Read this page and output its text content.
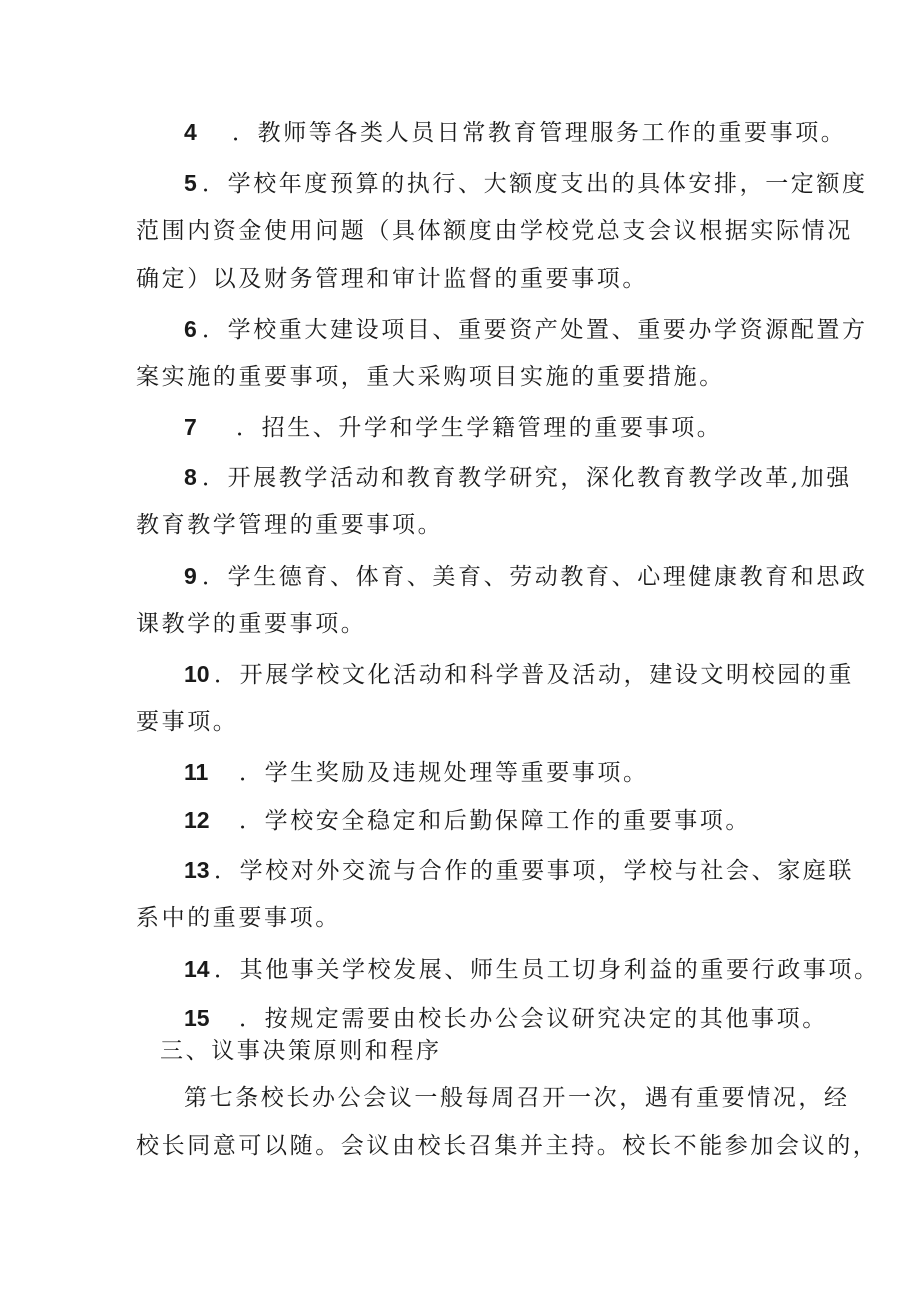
4 ．教师等各类人员日常教育管理服务工作的重要事项。
5 ．学校年度预算的执行、大额度支出的具体安排，一定额度
范围内资金使用问题（具体额度由学校党总支会议根据实际情况
确定）以及财务管理和审计监督的重要事项。
6 ．学校重大建设项目、重要资产处置、重要办学资源配置方
案实施的重要事项，重大采购项目实施的重要措施。
7 ．招生、升学和学生学籍管理的重要事项。
8 ．开展教学活动和教育教学研究，深化教育教学改革,加强
教育教学管理的重要事项。
9 ．学生德育、体育、美育、劳动教育、心理健康教育和思政
课教学的重要事项。
10 ．开展学校文化活动和科学普及活动，建设文明校园的重
要事项。
11 ．学生奖励及违规处理等重要事项。
12 ．学校安全稳定和后勤保障工作的重要事项。
13 ．学校对外交流与合作的重要事项，学校与社会、家庭联
系中的重要事项。
14 ．其他事关学校发展、师生员工切身利益的重要行政事项。
15 ．按规定需要由校长办公会议研究决定的其他事项。
三、议事决策原则和程序
第七条校长办公会议一般每周召开一次，遇有重要情况，经
校长同意可以随。会议由校长召集并主持。校长不能参加会议的，
